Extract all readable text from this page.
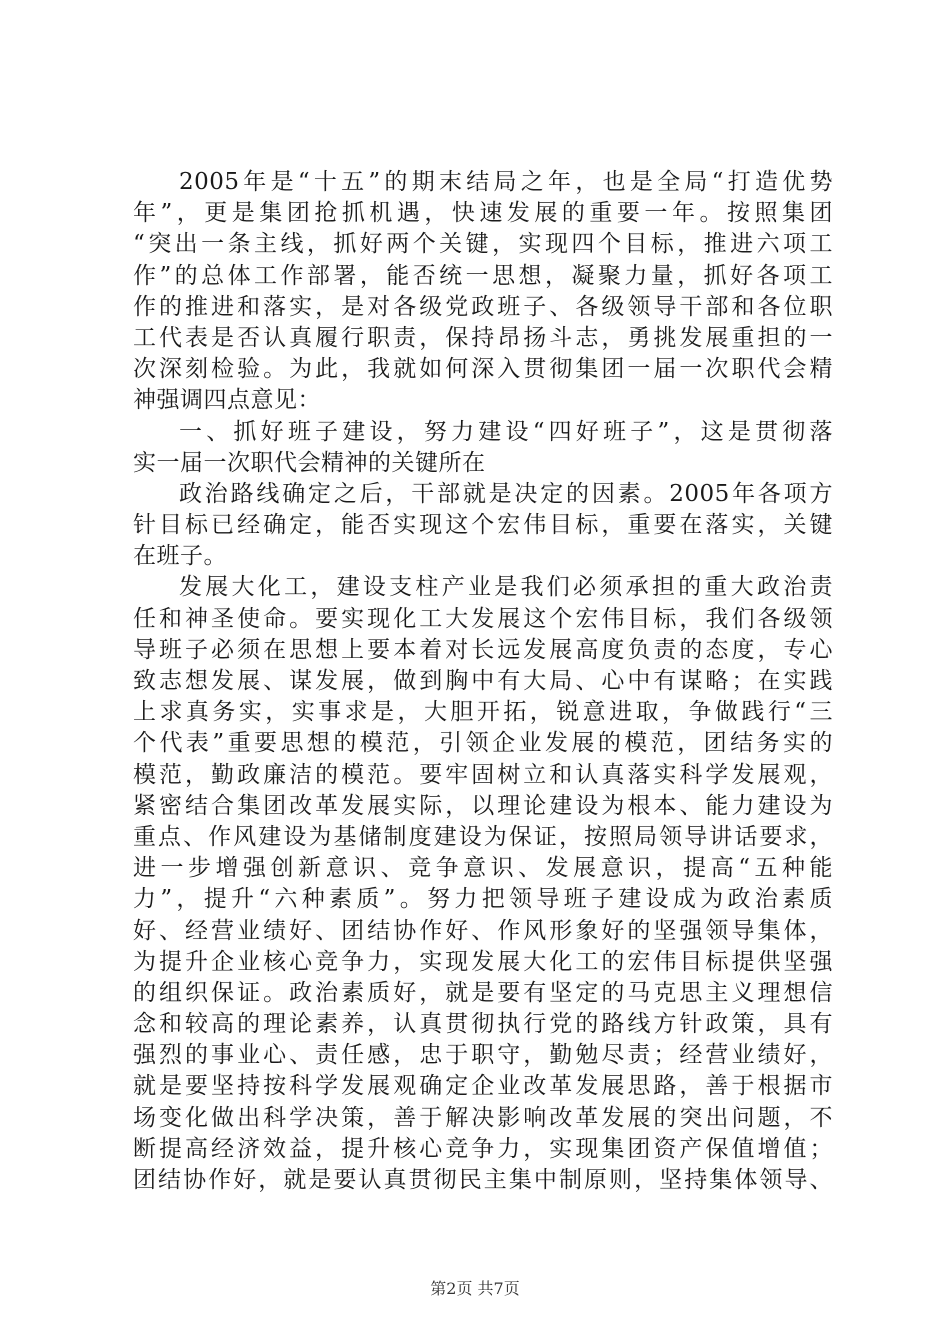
2005年是“十五”的期末结局之年，也是全局“打造优势
年”，更是集团抢抓机遇，快速发展的重要一年。按照集团
“突出一条主线，抓好两个关键，实现四个目标，推进六项工
作”的总体工作部署，能否统一思想，凝聚力量，抓好各项工
作的推进和落实，是对各级党政班子、各级领导干部和各位职
工代表是否认真履行职责，保持昂扬斗志，勇挑发展重担的一
次深刻检验。为此，我就如何深入贯彻集团一届一次职代会精
神强调四点意见：
一、抓好班子建设，努力建设“四好班子”，这是贯彻落
实一届一次职代会精神的关键所在
政治路线确定之后，干部就是决定的因素。2005年各项方
针目标已经确定，能否实现这个宏伟目标，重要在落实，关键
在班子。
发展大化工，建设支柱产业是我们必须承担的重大政治责
任和神圣使命。要实现化工大发展这个宏伟目标，我们各级领
导班子必须在思想上要本着对长远发展高度负责的态度，专心
致志想发展、谋发展，做到胸中有大局、心中有谋略；在实践
上求真务实，实事求是，大胆开拓，锐意进取，争做践行“三
个代表”重要思想的模范，引领企业发展的模范，团结务实的
模范，勤政廉洁的模范。要牢固树立和认真落实科学发展观，
紧密结合集团改革发展实际，以理论建设为根本、能力建设为
重点、作风建设为基储制度建设为保证，按照局领导讲话要求，
进一步增强创新意识、竞争意识、发展意识，提高“五种能
力”，提升“六种素质”。努力把领导班子建设成为政治素质
好、经营业绩好、团结协作好、作风形象好的坚强领导集体，
为提升企业核心竞争力，实现发展大化工的宏伟目标提供坚强
的组织保证。政治素质好，就是要有坚定的马克思主义理想信
念和较高的理论素养，认真贯彻执行党的路线方针政策，具有
强烈的事业心、责任感，忠于职守，勤勉尽责；经营业绩好，
就是要坚持按科学发展观确定企业改革发展思路，善于根据市
场变化做出科学决策，善于解决影响改革发展的突出问题，不
断提高经济效益，提升核心竞争力，实现集团资产保值增值；
团结协作好，就是要认真贯彻民主集中制原则，坚持集体领导、
第2页 共7页
